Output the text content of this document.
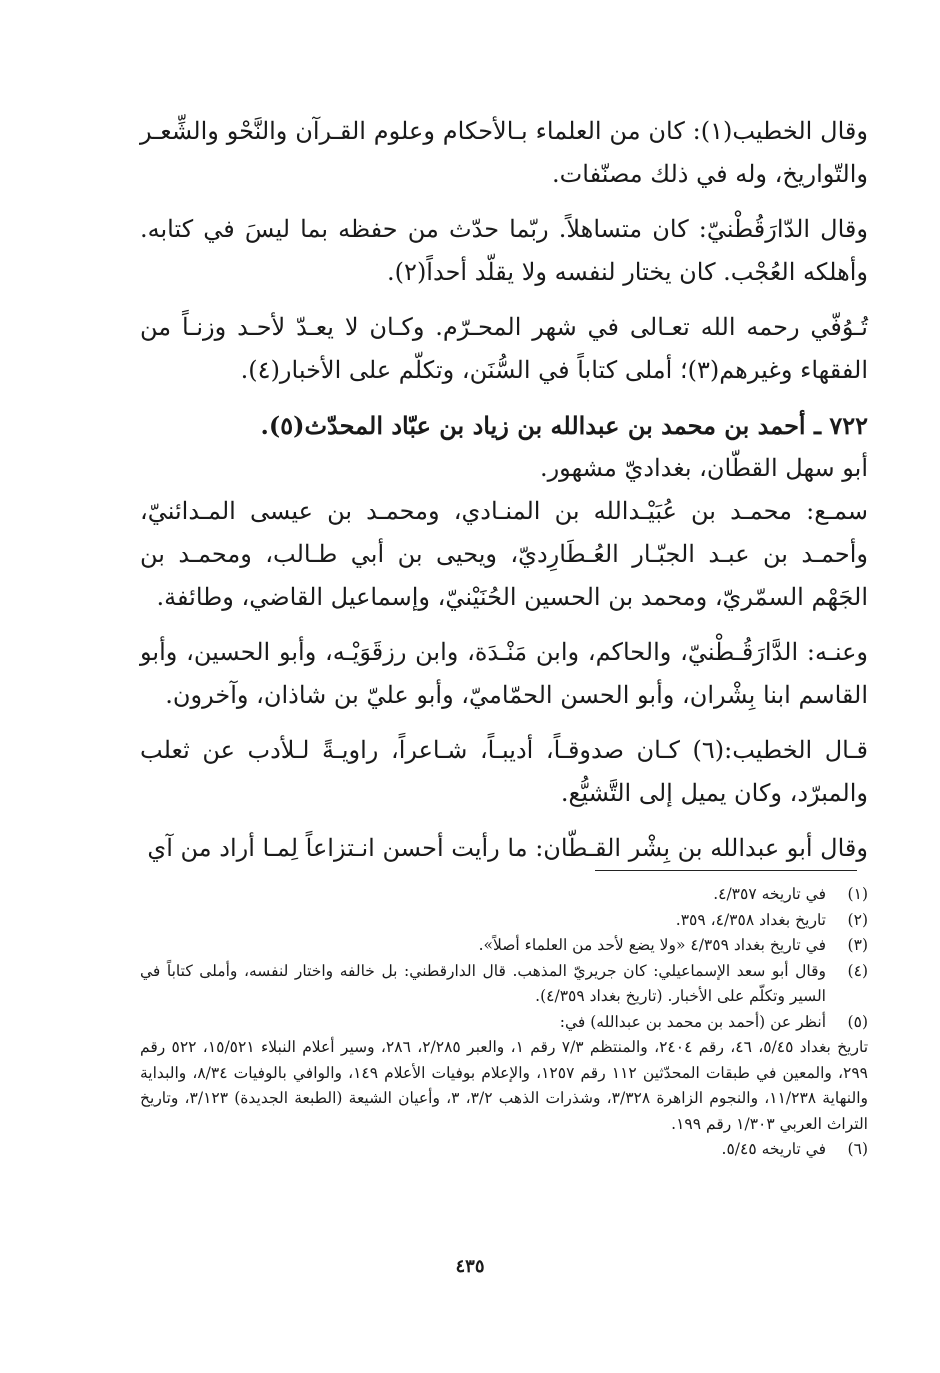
وقال الخطيب(١): كان من العلماء بـالأحكام وعلوم القـرآن والنَّحْو والشِّعـر والتّواريخ، وله في ذلك مصنّفات.

وقال الدّارَقُطْنيّ: كان متساهلاً. ربّما حدّث من حفظه بما ليسَ في كتابه. وأهلكه العُجْب. كان يختار لنفسه ولا يقلّد أحداً(٢).

تُـوُفّي رحمه الله تعـالى في شهر المحـرّم. وكـان لا يعـدّ لأحـد وزنـاً من الفقهاء وغيرهم(٣)؛ أملى كتاباً في السُّنَن، وتكلّم على الأخبار(٤).

٧٢٢ ـ أحمد بن محمد بن عبدالله بن زياد بن عبّاد المحدّث(٥).

أبو سهل القطّان، بغداديّ مشهور.

سمـع: محمـد بن عُبَيْـدالله بن المنـادي، ومحمـد بن عيسى المـدائنيّ، وأحمـد بن عبـد الجبّـار العُـطَارِديّ، ويحيى بن أبي طـالب، ومحمـد بن الجَهْم السمّريّ، ومحمد بن الحسين الحُنَيْنيّ، وإسماعيل القاضي، وطائفة.

وعنـه: الدَّارَقُـطْنيّ، والحاكم، وابن مَنْـدَة، وابن رزقَوَيْـه، وأبو الحسين، وأبو القاسم ابنا بِشْران، وأبو الحسن الحمّاميّ، وأبو عليّ بن شاذان، وآخرون.

قـال الخطيب:(٦) كـان صدوقـاً، أديبـاً، شـاعراً، راويـةً لـلأدب عن ثعلب والمبرّد، وكان يميل إلى التَّشيُّع.

وقال أبو عبدالله بن بِشْر القـطّان: ما رأيت أحسن انـتزاعاً لِمـا أراد من آي

(١)
في تاريخه ٤/٣٥٧.
(٢)
تاريخ بغداد ٤/٣٥٨، ٣٥٩.
(٣)
في تاريخ بغداد ٤/٣٥٩ «ولا يضع لأحد من العلماء أصلاً».
(٤)
وقال أبو سعد الإسماعيلي: كان جريريّ المذهب. قال الدارقطني: بل خالفه واختار لنفسه، وأملى كتاباً في السير وتكلّم على الأخبار. (تاريخ بغداد ٤/٣٥٩).
(٥)
أنظر عن (أحمد بن محمد بن عبدالله) في:
تاريخ بغداد ٥/٤٥، ٤٦، رقم ٢٤٠٤، والمنتظم ٧/٣ رقم ١، والعبر ٢/٢٨٥، ٢٨٦، وسير أعلام النبلاء ١٥/٥٢١، ٥٢٢ رقم ٢٩٩، والمعين في طبقات المحدّثين ١١٢ رقم ١٢٥٧، والإعلام بوفيات الأعلام ١٤٩، والوافي بالوفيات ٨/٣٤، والبداية والنهاية ١١/٢٣٨، والنجوم الزاهرة ٣/٣٢٨، وشذرات الذهب ٣/٢، ٣، وأعيان الشيعة (الطبعة الجديدة) ٣/١٢٣، وتاريخ التراث العربي ١/٣٠٣ رقم ١٩٩.
(٦)
في تاريخه ٥/٤٥.
٤٣٥
